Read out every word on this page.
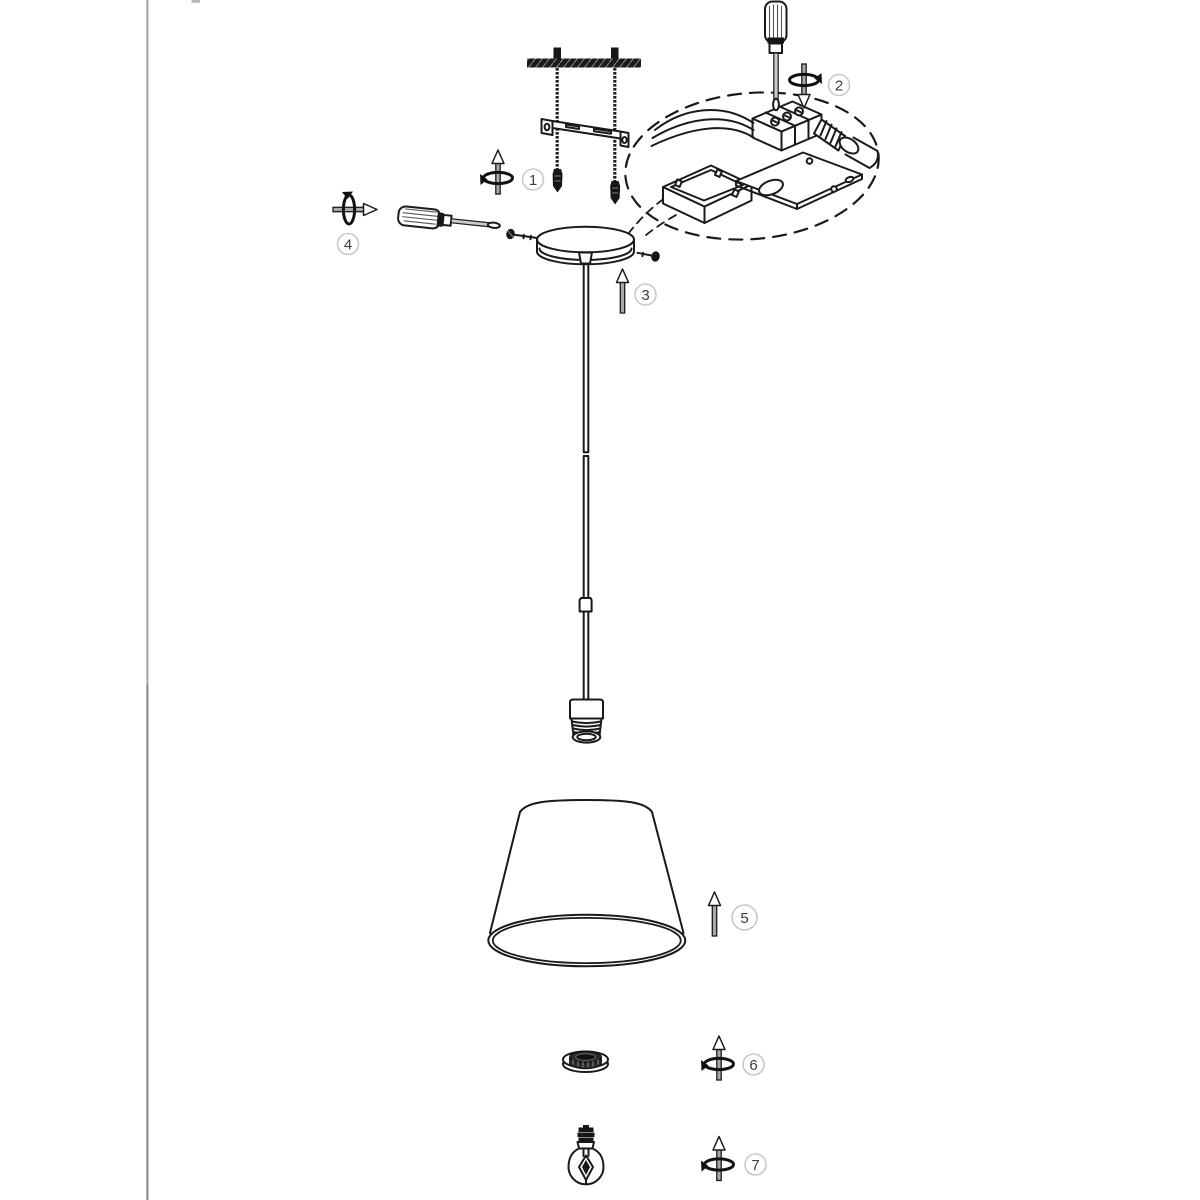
1
2
3
4
5
6
7
